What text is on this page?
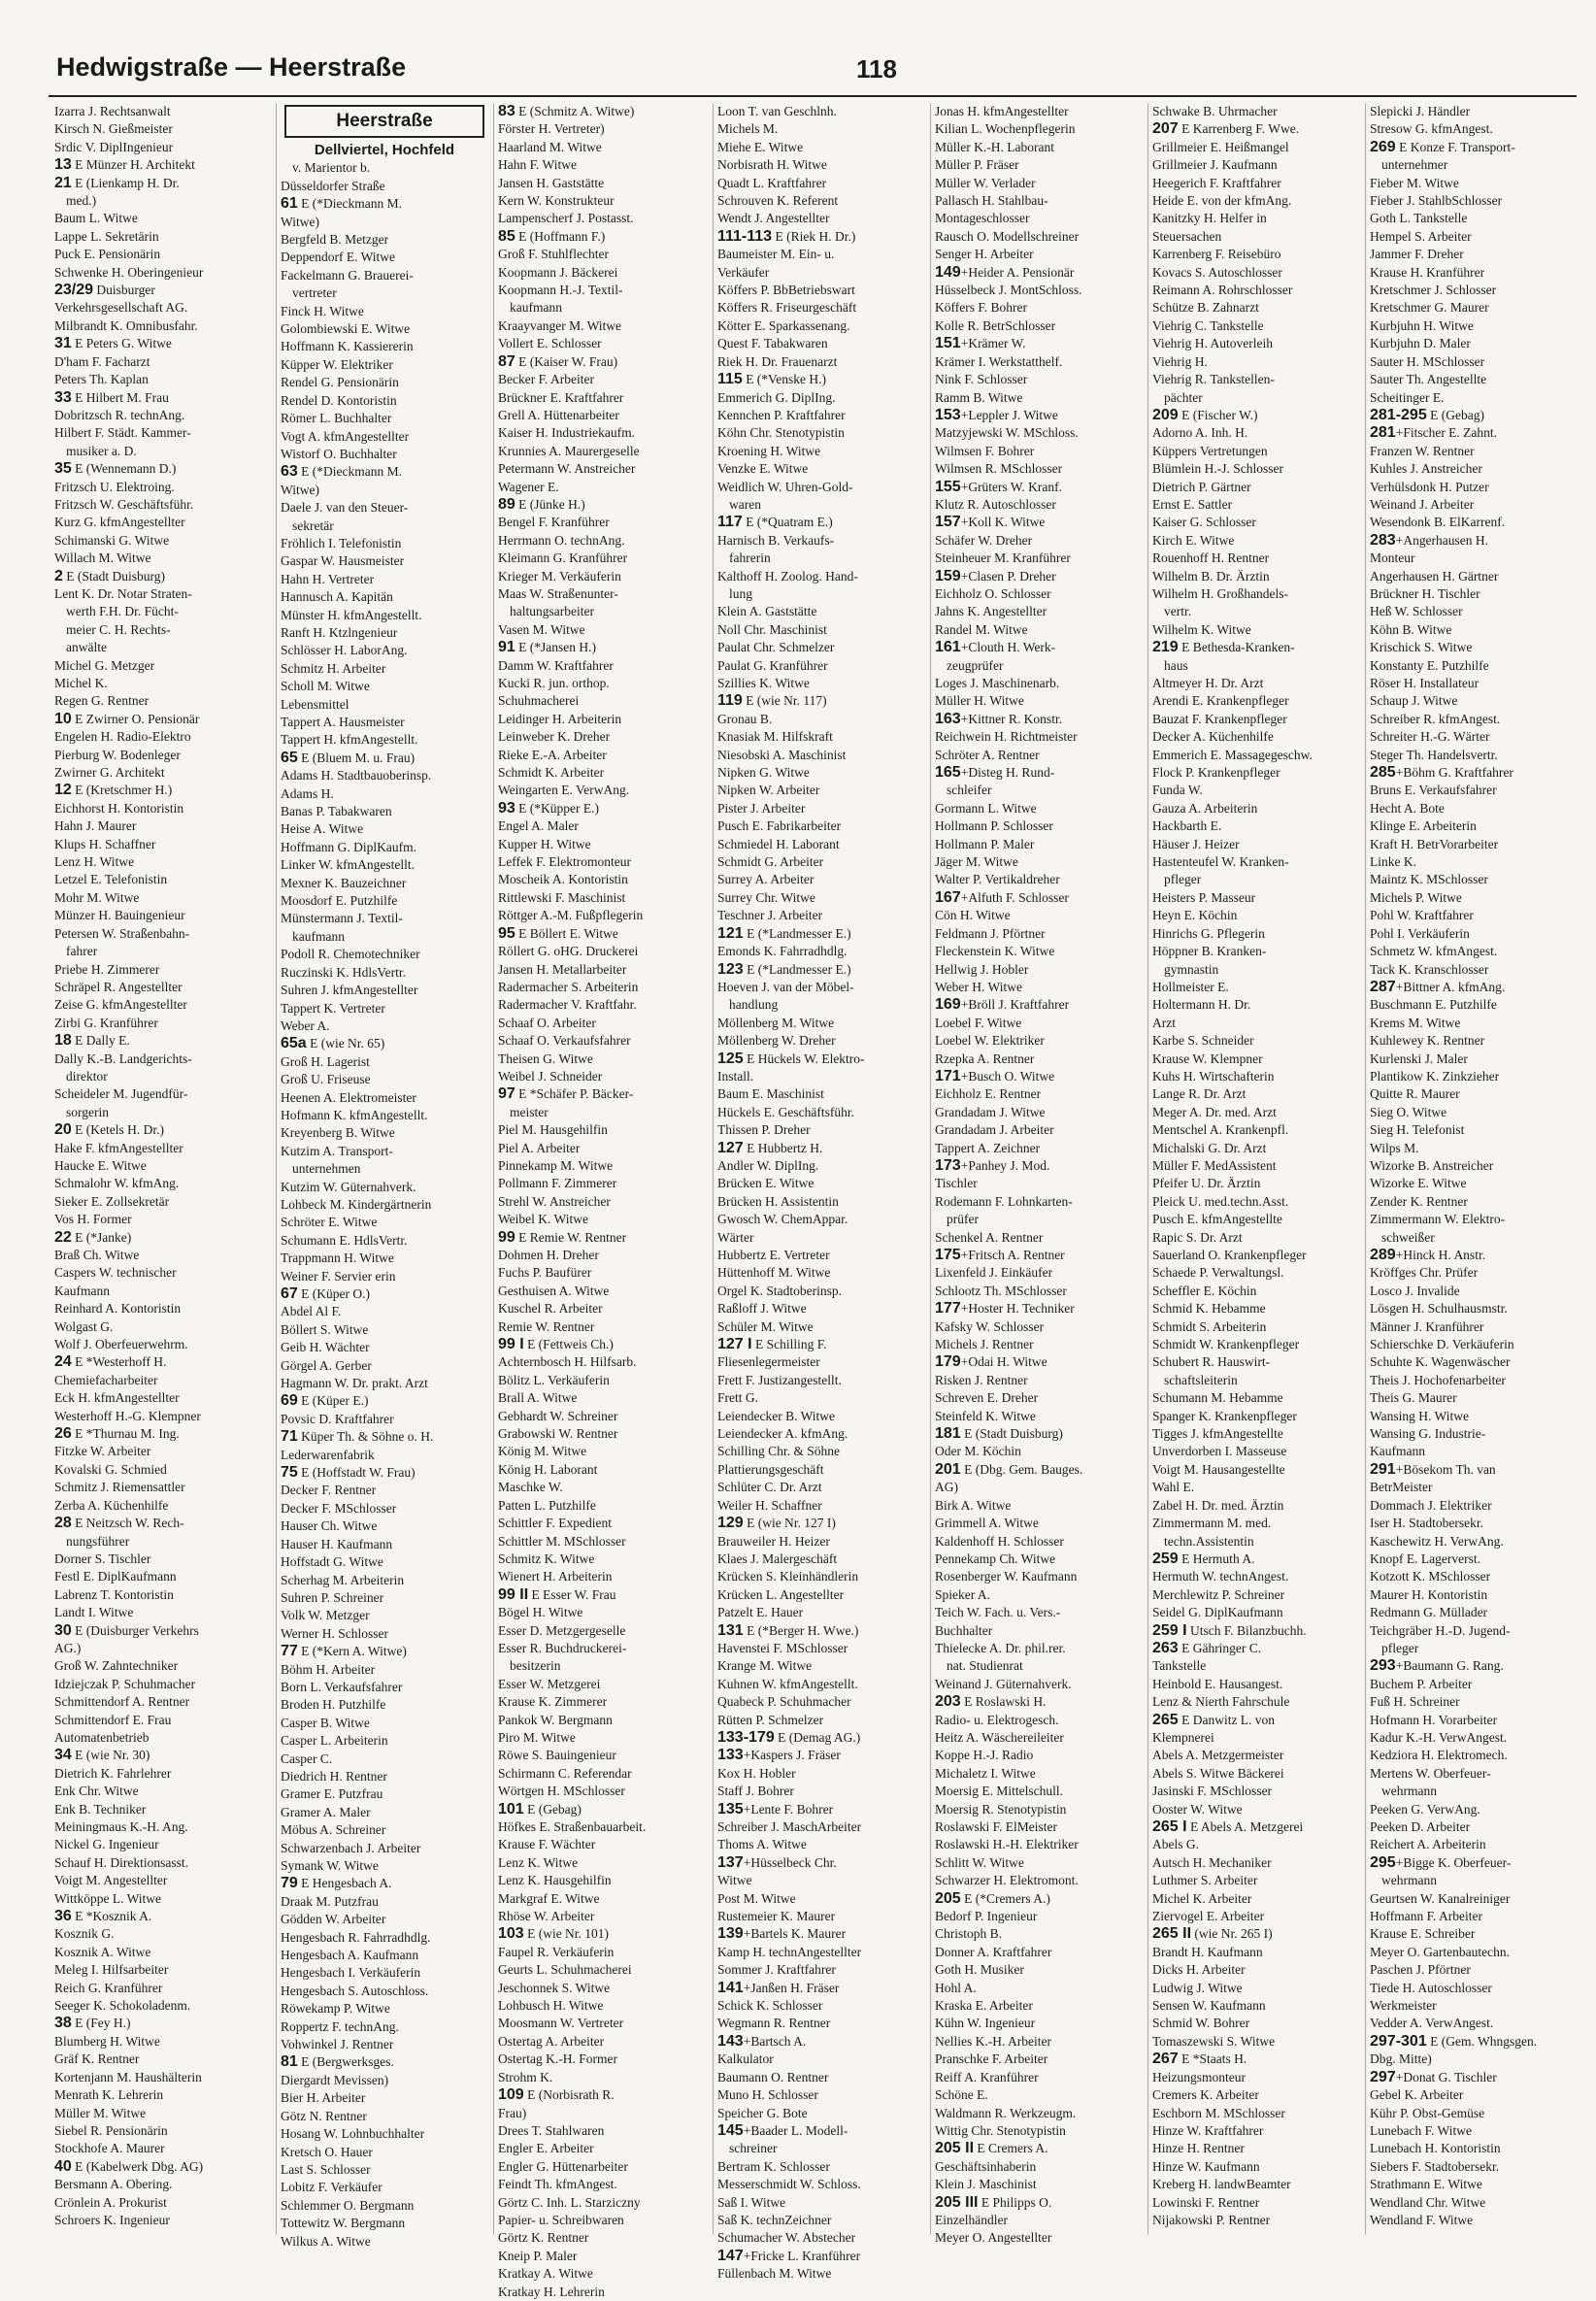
Hedwigstraße — Heerstraße	118
Izarra J. Rechtsanwalt
Kirsch N. Gießmeister
Srdic V. DiplIngenieur
13 E Münzer H. Architekt
21 E (Lienkamp H. Dr.
med.)
Baum L. Witwe
Lappe L. Sekretärin
Puck E. Pensionärin
Schwenke H. Oberingenieur
23/29 Duisburger
Verkehrsgesellschaft AG.
Milbrandt K. Omnibusfahr.
31 E Peters G. Witwe
D'ham F. Facharzt
Peters Th. Kaplan
33 E Hilbert M. Frau
Dobritzsch R. technAng.
Hilbert F. Städt. Kammer-
musiker a. D.
35 E (Wennemann D.)
Fritzsch U. Elektroing.
Fritzsch W. Geschäftsführ.
Kurz G. kfmAngestellter
Schimanski G. Witwe
Willach M. Witwe
2 E (Stadt Duisburg)
Lent K. Dr. Notar Straten-
werth F.H. Dr. Fücht-
meier C. H. Rechts-
anwälte
Michel G. Metzger
Michel K.
Regen G. Rentner
10 E Zwirner O. Pensionär
Engelen H. Radio-Elektro
Pierburg W. Bodenleger
Zwirner G. Architekt
12 E (Kretschmer H.)
Eichhorst H. Kontoristin
Hahn J. Maurer
Klups H. Schaffner
Lenz H. Witwe
Letzel E. Telefonistin
Mohr M. Witwe
Münzer H. Bauingenieur
Petersen W. Straßenbahn-
fahrer
Priebe H. Zimmerer
Schräpel R. Angestellter
Zeise G. kfmAngestellter
Zirbi G. Kranführer
18 E Dally E.
Dally K.-B. Landgerichts-
direktor
Scheideler M. Jugendfür-
sorgerin
20 E (Ketels H. Dr.)
Hake F. kfmAngestellter
Haucke E. Witwe
Schmalohr W. kfmAng.
Sieker E. Zollsekretär
Vos H. Former
22 E (*Janke)
Braß Ch. Witwe
Caspers W. technischer
Kaufmann
Reinhard A. Kontoristin
Wolgast G.
Wolf J. Oberfeuerwehrm.
24 E *Westerhoff H.
Chemiefacharbeiter
Eck H. kfmAngestellter
Westerhoff H.-G. Klempner
26 E *Thurnau M. Ing.
Fitzke W. Arbeiter
Kovalski G. Schmied
Schmitz J. Riemensattler
Zerba A. Küchenhilfe
28 E Neitzsch W. Rech-
nungsführer
Dorner S. Tischler
Festl E. DiplKaufmann
Labrenz T. Kontoristin
Landt I. Witwe
30 E (Duisburger Verkehrs
AG.)
Groß W. Zahntechniker
Idziejczak P. Schuhmacher
Schmittendorf A. Rentner
Schmittendorf E. Frau
Automatenbetrieb
34 E (wie Nr. 30)
Dietrich K. Fahrlehrer
Enk Chr. Witwe
Enk B. Techniker
Meiningmaus K.-H. Ang.
Nickel G. Ingenieur
Schauf H. Direktionsasst.
Voigt M. Angestellter
Wittköppe L. Witwe
36 E *Kosznik A.
Kosznik G.
Kosznik A. Witwe
Meleg I. Hilfsarbeiter
Reich G. Kranführer
Seeger K. Schokoladenm.
38 E (Fey H.)
Blumberg H. Witwe
Gräf K. Rentner
Kortenjann M. Haushälterin
Menrath K. Lehrerin
Müller M. Witwe
Siebel R. Pensionärin
Stockhofe A. Maurer
40 E (Kabelwerk Dbg. AG)
Bersmann A. Obering.
Crönlein A. Prokurist
Schroers K. Ingenieur
Heerstraße
Dellviertel, Hochfeld
v. Marientor b.
Düsseldorfer Straße
61 E (*Dieckmann M.
Witwe)
Bergfeld B. Metzger
Deppendorf E. Witwe
Fackelmann G. Brauerei-
vertreter
Finck H. Witwe
Golombiewski E. Witwe
Hoffmann K. Kassiererin
Küpper W. Elektriker
Rendel G. Pensionärin
Rendel D. Kontoristin
Römer L. Buchhalter
Vogt A. kfmAngestellter
Wistorf O. Buchhalter
63 E (*Dieckmann M.
Witwe)
Daele J. van den Steuer-
sekretär
Fröhlich I. Telefonistin
Gaspar W. Hausmeister
Hahn H. Vertreter
Hannusch A. Kapitän
Münster H. kfmAngestellt.
Ranft H. Ktzlngenieur
Schlösser H. LaborAng.
Schmitz H. Arbeiter
Scholl M. Witwe
Lebensmittel
Tappert A. Hausmeister
Tappert H. kfmAngestellt.
65 E (Bluem M. u. Frau)
Adams H. Stadtbauoberinsp.
Adams H.
Banas P. Tabakwaren
Heise A. Witwe
Hoffmann G. DiplKaufm.
Linker W. kfmAngestellt.
Mexner K. Bauzeichner
Moosdorf E. Putzhilfe
Münstermann J. Textil-
kaufmann
Podoll R. Chemotechniker
Ruczinski K. HdlsVertr.
Suhren J. kfmAngestellter
Tappert K. Vertreter
Weber A.
65a E (wie Nr. 65)
Groß H. Lagerist
Groß U. Friseuse
Heenen A. Elektromeister
Hofmann K. kfmAngestellt.
Kreyenberg B. Witwe
Kutzim A. Transport-
unternehmen
Kutzim W. Güternahverk.
Lohbeck M. Kindergärtnerin
Schröter E. Witwe
Schumann E. HdlsVertr.
Trappmann H. Witwe
Weiner F. Servier erin
67 E (Küper O.)
Abdel Al F.
Böllert S. Witwe
Geib H. Wächter
Görgel A. Gerber
Hagmann W. Dr. prakt. Arzt
69 E (Küper E.)
Povsic D. Kraftfahrer
71 Küper Th. & Söhne o. H.
Lederwarenfabrik
75 E (Hoffstadt W. Frau)
Decker F. Rentner
Decker F. MSchlosser
Hauser Ch. Witwe
Hauser H. Kaufmann
Hoffstadt G. Witwe
Scherhag M. Arbeiterin
Suhren P. Schreiner
Volk W. Metzger
Werner H. Schlosser
77 E (*Kern A. Witwe)
Böhm H. Arbeiter
Born L. Verkaufsfahrer
Broden H. Putzhilfe
Casper B. Witwe
Casper L. Arbeiterin
Casper C.
Diedrich H. Rentner
Gramer E. Putzfrau
Gramer A. Maler
Möbus A. Schreiner
Schwarzenbach J. Arbeiter
Symank W. Witwe
79 E Hengesbach A.
Draak M. Putzfrau
Gödden W. Arbeiter
Hengesbach R. Fahrradhdlg.
Hengesbach A. Kaufmann
Hengesbach I. Verkäuferin
Hengesbach S. Autoschloss.
Röwekamp P. Witwe
Roppertz F. technAng.
Vohwinkel J. Rentner
81 E (Bergwerksges.
Diergardt Mevissen)
Bier H. Arbeiter
Götz N. Rentner
Hosang W. Lohnbuchhalter
Kretsch O. Hauer
Last S. Schlosser
Lobitz F. Verkäufer
Schlemmer O. Bergmann
Tottewitz W. Bergmann
Wilkus A. Witwe
83 E (Schmitz A. Witwe)
Förster H. Vertreter)
Haarland M. Witwe
Hahn F. Witwe
Jansen H. Gaststätte
Kern W. Konstrukteur
Lampenscherf J. Postasst.
85 E (Hoffmann F.)
Groß F. Stuhlflechter
Koopmann J. Bäckerei
Koopmann H.-J. Textil-
kaufmann
Kraayvanger M. Witwe
Vollert E. Schlosser
87 E (Kaiser W. Frau)
Becker F. Arbeiter
Brückner E. Kraftfahrer
Grell A. Hüttenarbeiter
Kaiser H. Industriekaufm.
Krunnies A. Maurergeselle
Petermann W. Anstreicher
Wagener E.
89 E (Jünke H.)
Bengel F. Kranführer
Herrmann O. technAng.
Kleimann G. Kranführer
Krieger M. Verkäuferin
Maas W. Straßenunter-
haltungsarbeiter
Vasen M. Witwe
91 E (*Jansen H.)
Damm W. Kraftfahrer
Kucki R. jun. orthop.
Schuhmacherei
Leidinger H. Arbeiterin
Leinweber K. Dreher
Rieke E.-A. Arbeiter
Schmidt K. Arbeiter
Weingarten E. VerwAng.
93 E (*Küpper E.)
Engel A. Maler
Kupper H. Witwe
Leffek F. Elektromonteur
Moscheik A. Kontoristin
Rittlewski F. Maschinist
Röttger A.-M. Fußpflegerin
95 E Böllert E. Witwe
Röllert G. oHG. Druckerei
Jansen H. Metallarbeiter
Radermacher S. Arbeiterin
Radermacher V. Kraftfahr.
Schaaf O. Arbeiter
Schaaf O. Verkaufsfahrer
Theisen G. Witwe
Weibel J. Schneider
97 E *Schäfer P. Bäcker-
meister
Piel M. Hausgehilfin
Piel A. Arbeiter
Pinnekamp M. Witwe
Pollmann F. Zimmerer
Strehl W. Anstreicher
Weibel K. Witwe
99 E Remie W. Rentner
Dohmen H. Dreher
Fuchs P. Baufürer
Gesthuisen A. Witwe
Kuschel R. Arbeiter
Remie W. Rentner
99 I E (Fettweis Ch.)
Achternbosch H. Hilfsarb.
Bölitz L. Verkäuferin
Brall A. Witwe
Gebhardt W. Schreiner
Grabowski W. Rentner
König M. Witwe
König H. Laborant
Maschke W.
Patten L. Putzhilfe
Schittler F. Expedient
Schittler M. MSchlosser
Schmitz K. Witwe
Wienert H. Arbeiterin
99 II E Esser W. Frau
Bögel H. Witwe
Esser D. Metzgergeselle
Esser R. Buchdruckerei-
besitzerin
Esser W. Metzgerei
Krause K. Zimmerer
Pankok W. Bergmann
Piro M. Witwe
Röwe S. Bauingenieur
Schirmann C. Referendar
Wörtgen H. MSchlosser
101 E (Gebag)
Höfkes E. Straßenbauarbeit.
Krause F. Wächter
Lenz K. Witwe
Lenz K. Hausgehilfin
Markgraf E. Witwe
Rhöse W. Arbeiter
103 E (wie Nr. 101)
Faupel R. Verkäuferin
Geurts L. Schuhmacherei
Jeschonnek S. Witwe
Lohbusch H. Witwe
Moosmann W. Vertreter
Ostertag A. Arbeiter
Ostertag K.-H. Former
Strohm K.
109 E (Norbisrath R.
Frau)
Drees T. Stahlwaren
Engler E. Arbeiter
Engler G. Hüttenarbeiter
Feindt Th. kfmAngest.
Görtz C. Inh. L. Starziczny
Papier- u. Schreibwaren
Görtz K. Rentner
Kneip P. Maler
Kratkay A. Witwe
Kratkay H. Lehrerin
Loon T. van Geschlnh.
Michels M.
Miehe E. Witwe
Norbisrath H. Witwe
Quadt L. Kraftfahrer
Schrouven K. Referent
Wendt J. Angestellter
111-113 E (Riek H. Dr.)
Baumeister M. Ein- u.
Verkäufer
Köffers P. BbBetriebswart
Köffers R. Friseurgeschäft
Kötter E. Sparkassenang.
Quest F. Tabakwaren
Riek H. Dr. Frauenarzt
115 E (*Venske H.)
Emmerich G. DiplIng.
Kennchen P. Kraftfahrer
Köhn Chr. Stenotypistin
Kroening H. Witwe
Venzke E. Witwe
Weidlich W. Uhren-Gold-
waren
117 E (*Quatram E.)
Harnisch B. Verkaufs-
fahrerin
Kalthoff H. Zoolog. Hand-
lung
Klein A. Gaststätte
Noll Chr. Maschinist
Paulat Chr. Schmelzer
Paulat G. Kranführer
Szillies K. Witwe
119 E (wie Nr. 117)
Gronau B.
Knasiak M. Hilfskraft
Niesobski A. Maschinist
Nipken G. Witwe
Nipken W. Arbeiter
Pister J. Arbeiter
Pusch E. Fabrikarbeiter
Schmiedel H. Laborant
Schmidt G. Arbeiter
Surrey A. Arbeiter
Surrey Chr. Witwe
Teschner J. Arbeiter
121 E (*Landmesser E.)
Emonds K. Fahrradhdlg.
123 E (*Landmesser E.)
Hoeven J. van der Möbel-
handlung
Möllenberg M. Witwe
Möllenberg W. Dreher
125 E Hückels W. Elektro-
Install.
Baum E. Maschinist
Hückels E. Geschäftsführ.
Thissen P. Dreher
127 E Hubbertz H.
Andler W. DiplIng.
Brücken E. Witwe
Brücken H. Assistentin
Gwosch W. ChemAppar.
Wärter
Hubbertz E. Vertreter
Hüttenhoff M. Witwe
Orgel K. Stadtoberinsp.
Raßloff J. Witwe
Schüler M. Witwe
127 I E Schilling F.
Fliesenlegermeister
Frett F. Justizangestellt.
Frett G.
Leiendecker B. Witwe
Leiendecker A. kfmAng.
Schilling Chr. & Söhne
Plattierungsgeschäft
Schlüter C. Dr. Arzt
Weiler H. Schaffner
129 E (wie Nr. 127 I)
Brauweiler H. Heizer
Klaes J. Malergeschäft
Krücken S. Kleinhändlerin
Krücken L. Angestellter
Patzelt E. Hauer
131 E (*Berger H. Wwe.)
Havenstei F. MSchlosser
Krange M. Witwe
Kuhnen W. kfmAngestellt.
Quabeck P. Schuhmacher
Rütten P. Schmelzer
133-179 E (Demag AG.)
133+Kaspers J. Fräser
Kox H. Hobler
Staff J. Bohrer
135+Lente F. Bohrer
Schreiber J. MaschArbeiter
Thoms A. Witwe
137+Hüsselbeck Chr.
Witwe
Post M. Witwe
Rustemeier K. Maurer
139+Bartels K. Maurer
Kamp H. technAngestellter
Sommer J. Kraftfahrer
141+Janßen H. Fräser
Schick K. Schlosser
Wegmann R. Rentner
143+Bartsch A.
Kalkulator
Baumann O. Rentner
Muno H. Schlosser
Speicher G. Bote
145+Baader L. Modell-
schreiner
Bertram K. Schlosser
Messerschmidt W. Schloss.
Saß I. Witwe
Saß K. technZeichner
Schumacher W. Abstecher
147+Fricke L. Kranführer
Füllenbach M. Witwe
Jonas H. kfmAngestellter
Kilian L. Wochenpflegerin
Müller K.-H. Laborant
Müller P. Fräser
Müller W. Verlader
Pallasch H. Stahlbau-
Montageschlosser
Rausch O. Modellschreiner
Senger H. Arbeiter
149+Heider A. Pensionär
Hüsselbeck J. MontSchloss.
Köffers F. Bohrer
Kolle R. BetrSchlosser
151+Krämer W.
Krämer I. Werkstatthelf.
Nink F. Schlosser
Ramm B. Witwe
153+Leppler J. Witwe
Matzyjewski W. MSchloss.
Wilmsen F. Bohrer
Wilmsen R. MSchlosser
155+Grüters W. Kranf.
Klutz R. Autoschlosser
157+Koll K. Witwe
Schäfer W. Dreher
Steinheuer M. Kranführer
159+Clasen P. Dreher
Eichholz O. Schlosser
Jahns K. Angestellter
Randel M. Witwe
161+Clouth H. Werk-
zeugprüfer
Loges J. Maschinenarb.
Müller H. Witwe
163+Kittner R. Konstr.
Reichwein H. Richtmeister
Schröter A. Rentner
165+Disteg H. Rund-
schleifer
Gormann L. Witwe
Hollmann P. Schlosser
Hollmann P. Maler
Jäger M. Witwe
Walter P. Vertikaldreher
167+Alfuth F. Schlosser
Cön H. Witwe
Feldmann J. Pförtner
Fleckenstein K. Witwe
Hellwig J. Hobler
Weber H. Witwe
169+Bröll J. Kraftfahrer
Loebel F. Witwe
Loebel W. Elektriker
Rzepka A. Rentner
171+Busch O. Witwe
Eichholz E. Rentner
Grandadam J. Witwe
Grandadam J. Arbeiter
Tappert A. Zeichner
173+Panhey J. Mod.
Tischler
Rodemann F. Lohnkarten-
prüfer
Schenkel A. Rentner
175+Fritsch A. Rentner
Lixenfeld J. Einkäufer
Schlootz Th. MSchlosser
177+Hoster H. Techniker
Kafsky W. Schlosser
Michels J. Rentner
179+Odai H. Witwe
Risken J. Rentner
Schreven E. Dreher
Steinfeld K. Witwe
181 E (Stadt Duisburg)
Oder M. Köchin
201 E (Dbg. Gem. Bauges.
AG)
Birk A. Witwe
Grimmell A. Witwe
Kaldenhoff H. Schlosser
Pennekamp Ch. Witwe
Rosenberger W. Kaufmann
Spieker A.
Teich W. Fach. u. Vers.-
Buchhalter
Thielecke A. Dr. phil.rer.
nat. Studienrat
Weinand J. Güternahverk.
203 E Roslawski H.
Radio- u. Elektrogesch.
Heitz A. Wäschereileiter
Koppe H.-J. Radio
Michaletz I. Witwe
Moersig E. Mittelschull.
Moersig R. Stenotypistin
Roslawski F. ElMeister
Roslawski H.-H. Elektriker
Schlitt W. Witwe
Schwarzer H. Elektromont.
205 E (*Cremers A.)
Bedorf P. Ingenieur
Christoph B.
Donner A. Kraftfahrer
Goth H. Musiker
Hohl A.
Kraska E. Arbeiter
Kühn W. Ingenieur
Nellies K.-H. Arbeiter
Pranschke F. Arbeiter
Reiff A. Kranführer
Schöne E.
Waldmann R. Werkzeugm.
Wittig Chr. Stenotypistin
205 II E Cremers A.
Geschäftsinhaberin
Klein J. Maschinist
205 III E Philipps O.
Einzelhändler
Meyer O. Angestellter
Schwake B. Uhrmacher
207 E Karrenberg F. Wwe.
Grillmeier E. Heißmangel
Grillmeier J. Kaufmann
Heegerich F. Kraftfahrer
Heide E. von der kfmAng.
Kanitzky H. Helfer in
Steuersachen
Karrenberg F. Reisebüro
Kovacs S. Autoschlosser
Reimann A. Rohrschlosser
Schütze B. Zahnarzt
Viehrig C. Tankstelle
Viehrig H. Autoverleih
Viehrig H.
Viehrig R. Tankstellen-
pächter
209 E (Fischer W.)
Adorno A. Inh. H.
Küppers Vertretungen
Blümlein H.-J. Schlosser
Dietrich P. Gärtner
Ernst E. Sattler
Kaiser G. Schlosser
Kirch E. Witwe
Rouenhoff H. Rentner
Wilhelm B. Dr. Ärztin
Wilhelm H. Großhandels-
vertr.
Wilhelm K. Witwe
219 E Bethesda-Kranken-
haus
Altmeyer H. Dr. Arzt
Arendi E. Krankenpfleger
Bauzat F. Krankenpfleger
Decker A. Küchenhilfe
Emmerich E. Massagegeschw.
Flock P. Krankenpfleger
Funda W.
Gauza A. Arbeiterin
Hackbarth E.
Häuser J. Heizer
Hastenteufel W. Kranken-
pfleger
Heisters P. Masseur
Heyn E. Köchin
Hinrichs G. Pflegerin
Höppner B. Kranken-
gymnastin
Hollmeister E.
Holtermann H. Dr.
Arzt
Karbe S. Schneider
Krause W. Klempner
Kuhs H. Wirtschafterin
Lange R. Dr. Arzt
Meger A. Dr. med. Arzt
Mentschel A. Krankenpfl.
Michalski G. Dr. Arzt
Müller F. MedAssistent
Pfeifer U. Dr. Ärztin
Pleick U. med.techn.Asst.
Pusch E. kfmAngestellte
Rapic S. Dr. Arzt
Sauerland O. Krankenpfleger
Schaede P. Verwaltungsl.
Scheffler E. Köchin
Schmid K. Hebamme
Schmidt S. Arbeiterin
Schmidt W. Krankenpfleger
Schubert R. Hauswirt-
schaftsleiterin
Schumann M. Hebamme
Spanger K. Krankenpfleger
Tigges J. kfmAngestellte
Unverdorben I. Masseuse
Voigt M. Hausangestellte
Wahl E.
Zabel H. Dr. med. Ärztin
Zimmermann M. med.
techn.Assistentin
259 E Hermuth A.
Hermuth W. technAngest.
Merchlewitz P. Schreiner
Seidel G. DiplKaufmann
259 I Utsch F. Bilanzbuchh.
263 E Gähringer C.
Tankstelle
Heinbold E. Hausangest.
Lenz & Nierth Fahrschule
265 E Danwitz L. von
Klempnerei
Abels A. Metzgermeister
Abels S. Witwe Bäckerei
Jasinski F. MSchlosser
Ooster W. Witwe
265 I E Abels A. Metzgerei
Abels G.
Autsch H. Mechaniker
Luthmer S. Arbeiter
Michel K. Arbeiter
Ziervogel E. Arbeiter
265 II (wie Nr. 265 I)
Brandt H. Kaufmann
Dicks H. Arbeiter
Ludwig J. Witwe
Sensen W. Kaufmann
Schmid W. Bohrer
Tomaszewski S. Witwe
267 E *Staats H.
Heizungsmonteur
Cremers K. Arbeiter
Eschborn M. MSchlosser
Hinze W. Kraftfahrer
Hinze H. Rentner
Hinze W. Kaufmann
Kreberg H. landwBeamter
Lowinski F. Rentner
Nijakowski P. Rentner
Slepicki J. Händler
Stresow G. kfmAngest.
269 E Konze F. Transport-
unternehmer
Fieber M. Witwe
Fieber J. StahlbSchlosser
Goth L. Tankstelle
Hempel S. Arbeiter
Jammer F. Dreher
Krause H. Kranführer
Kretschmer J. Schlosser
Kretschmer G. Maurer
Kurbjuhn H. Witwe
Kurbjuhn D. Maler
Sauter H. MSchlosser
Sauter Th. Angestellte
Scheitinger E.
281-295 E (Gebag)
281+Fitscher E. Zahnt.
Franzen W. Rentner
Kuhles J. Anstreicher
Verhülsdonk H. Putzer
Weinand J. Arbeiter
Wesendonk B. ElKarrenf.
283+Angerhausen H.
Monteur
Angerhausen H. Gärtner
Brückner H. Tischler
Heß W. Schlosser
Köhn B. Witwe
Krischick S. Witwe
Konstanty E. Putzhilfe
Röser H. Installateur
Schaup J. Witwe
Schreiber R. kfmAngest.
Schreiter H.-G. Wärter
Steger Th. Handelsvertr.
285+Böhm G. Kraftfahrer
Bruns E. Verkaufsfahrer
Hecht A. Bote
Klinge E. Arbeiterin
Kraft H. BetrVorarbeiter
Linke K.
Maintz K. MSchlosser
Michels P. Witwe
Pohl W. Kraftfahrer
Pohl I. Verkäuferin
Schmetz W. kfmAngest.
Tack K. Kranschlosser
287+Bittner A. kfmAng.
Buschmann E. Putzhilfe
Krems M. Witwe
Kuhlewey K. Rentner
Kurlenski J. Maler
Plantikow K. Zinkzieher
Quitte R. Maurer
Sieg O. Witwe
Sieg H. Telefonist
Wilps M.
Wizorke B. Anstreicher
Wizorke E. Witwe
Zender K. Rentner
Zimmermann W. Elektro-
schweißer
289+Hinck H. Anstr.
Kröffges Chr. Prüfer
Losco J. Invalide
Lösgen H. Schulhausmstr.
Männer J. Kranführer
Schierschke D. Verkäuferin
Schuhte K. Wagenwäscher
Theis J. Hochofenarbeiter
Theis G. Maurer
Wansing H. Witwe
Wansing G. Industrie-
Kaufmann
291+Bösekom Th. van
BetrMeister
Dommach J. Elektriker
Iser H. Stadtobersekr.
Kaschewitz H. VerwAng.
Knopf E. Lagerverst.
Kotzott K. MSchlosser
Maurer H. Kontoristin
Redmann G. Müllader
Teichgräber H.-D. Jugend-
pfleger
293+Baumann G. Rang.
Buchem P. Arbeiter
Fuß H. Schreiner
Hofmann H. Vorarbeiter
Kadur K.-H. VerwAngest.
Kedziora H. Elektromech.
Mertens W. Oberfeuer-
wehrmann
Peeken G. VerwAng.
Peeken D. Arbeiter
Reichert A. Arbeiterin
295+Bigge K. Oberfeuer-
wehrmann
Geurtsen W. Kanalreiniger
Hoffmann F. Arbeiter
Krause E. Schreiber
Meyer O. Gartenbautechn.
Paschen J. Pförtner
Tiede H. Autoschlosser
Werkmeister
Vedder A. VerwAngest.
297-301 E (Gem. Whngsgen.
Dbg. Mitte)
297+Donat G. Tischler
Gebel K. Arbeiter
Kühr P. Obst-Gemüse
Lunebach F. Witwe
Lunebach H. Kontoristin
Siebers F. Stadtobersekr.
Strathmann E. Witwe
Wendland Chr. Witwe
Wendland F. Witwe
